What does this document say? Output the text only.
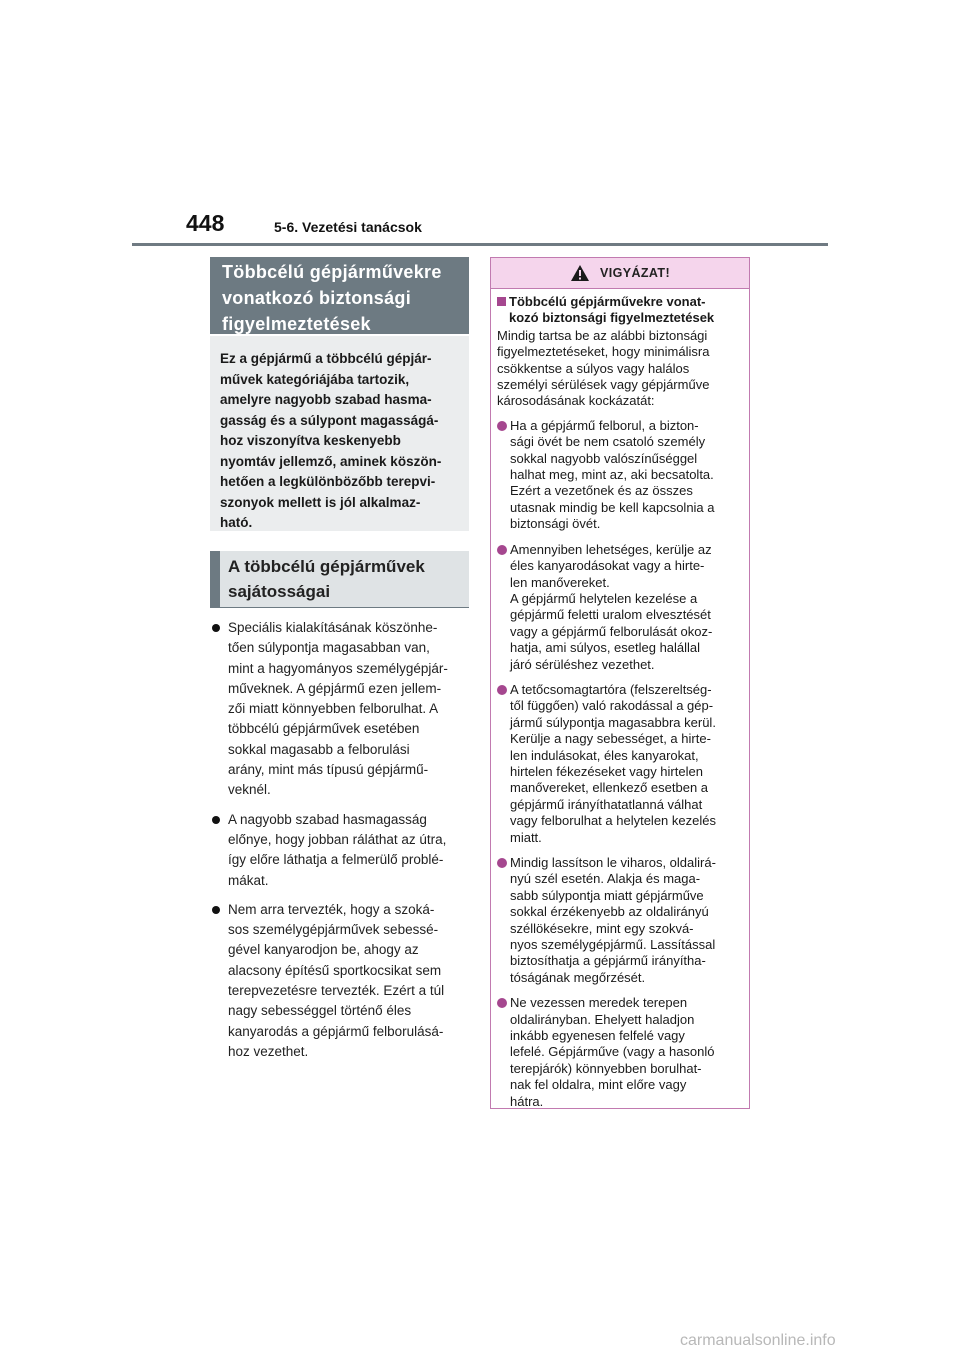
448	5-6. Vezetési tanácsok

Többcélú gépjárművekre

vonatkozó biztonsági

figyelmeztetések

Ez a gépjármű a többcélú gépjár-

művek kategóriájába tartozik,

amelyre nagyobb szabad hasma-

gasság és a súlypont magasságá-

hoz viszonyítva keskenyebb

nyomtáv jellemző, aminek köszön-

hetően a legkülönbözőbb terepvi-

szonyok mellett is jól alkalmaz-

ható.

A többcélú gépjárművek

sajátosságai

Speciális kialakításának köszönhe-

tően súlypontja magasabban van,

mint a hagyományos személygépjár-

műveknek. A gépjármű ezen jellem-

zői miatt könnyebben felborulhat. A

többcélú gépjárművek esetében

sokkal magasabb a felborulási

arány, mint más típusú gépjármű-

veknél.

A nagyobb szabad hasmagasság

előnye, hogy jobban ráláthat az útra,

így előre láthatja a felmerülő problé-

mákat.

Nem arra tervezték, hogy a szoká-

sos személygépjárművek sebessé-

gével kanyarodjon be, ahogy az

alacsony építésű sportkocsikat sem

terepvezetésre tervezték. Ezért a túl

nagy sebességgel történő éles

kanyarodás a gépjármű felborulásá-

hoz vezethet.

VIGYÁZAT!

Többcélú gépjárművekre vonat-

kozó biztonsági figyelmeztetések

Mindig tartsa be az alábbi biztonsági

figyelmeztetéseket, hogy minimálisra

csökkentse a súlyos vagy halálos

személyi sérülések vagy gépjárműve

károsodásának kockázatát:

Ha a gépjármű felborul, a bizton-

sági övét be nem csatoló személy

sokkal nagyobb valószínűséggel

halhat meg, mint az, aki becsatolta.

Ezért a vezetőnek és az összes

utasnak mindig be kell kapcsolnia a

biztonsági övét.

Amennyiben lehetséges, kerülje az

éles kanyarodásokat vagy a hirte-

len manővereket.

A gépjármű helytelen kezelése a

gépjármű feletti uralom elvesztését

vagy a gépjármű felborulását okoz-

hatja, ami súlyos, esetleg halállal

járó sérüléshez vezethet.

A tetőcsomagtartóra (felszereltség-

től függően) való rakodással a gép-

jármű súlypontja magasabbra kerül.

Kerülje a nagy sebességet, a hirte-

len indulásokat, éles kanyarokat,

hirtelen fékezéseket vagy hirtelen

manővereket, ellenkező esetben a

gépjármű irányíthatatlanná válhat

vagy felborulhat a helytelen kezelés

miatt.

Mindig lassítson le viharos, oldalirá-

nyú szél esetén. Alakja és maga-

sabb súlypontja miatt gépjárműve

sokkal érzékenyebb az oldalirányú

széllökésekre, mint egy szokvá-

nyos személygépjármű. Lassítással

biztosíthatja a gépjármű irányítha-

tóságának megőrzését.

Ne vezessen meredek terepen

oldalirányban. Ehelyett haladjon

inkább egyenesen felfelé vagy

lefelé. Gépjárműve (vagy a hasonló

terepjárók) könnyebben borulhat-

nak fel oldalra, mint előre vagy

hátra.

carmanualsonline.info
